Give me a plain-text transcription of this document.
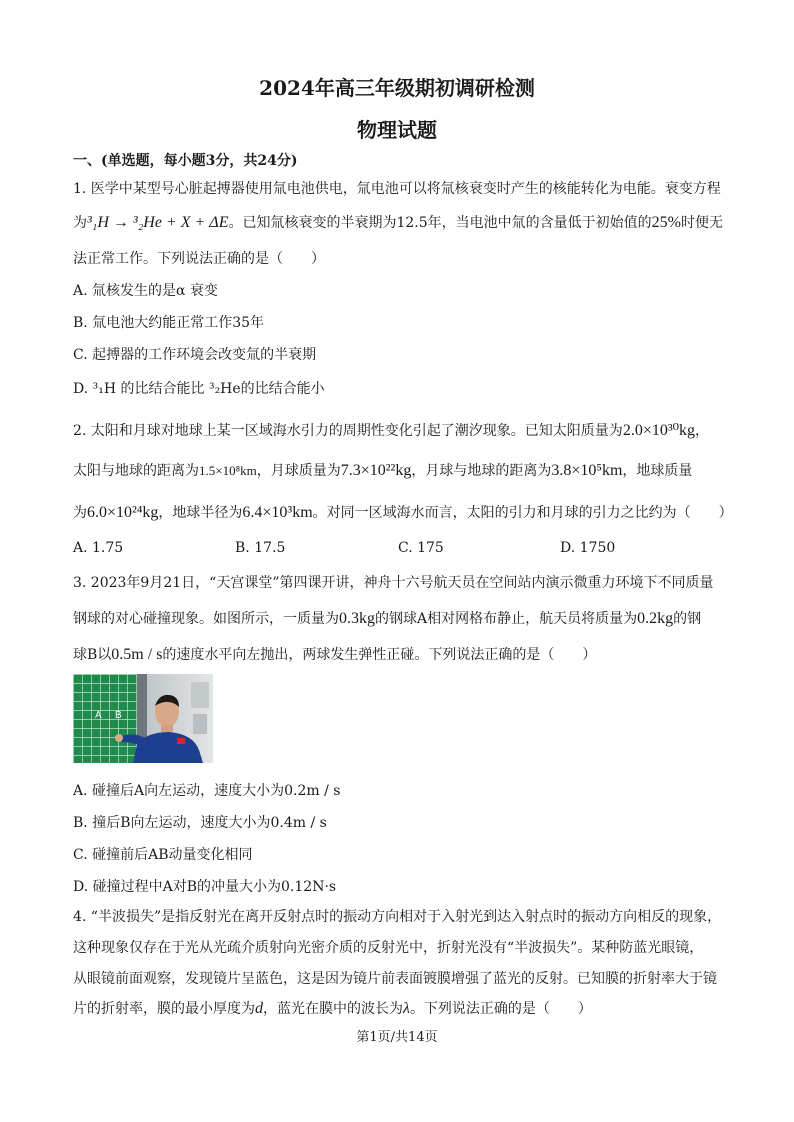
2024年高三年级期初调研检测
物理试题
一、(单选题，每小题3分，共24分)
1. 医学中某型号心脏起搏器使用氚电池供电，氚电池可以将氚核衰变时产生的核能转化为电能。衰变方程
为³₁H → ³₂He + X + ΔE。已知氚核衰变的半衰期为12.5年，当电池中氚的含量低于初始值的25%时便无
法正常工作。下列说法正确的是（　　）
A. 氚核发生的是α 衰变
B. 氚电池大约能正常工作35年
C. 起搏器的工作环境会改变氚的半衰期
D. ³₁H 的比结合能比 ³₂He的比结合能小
2. 太阳和月球对地球上某一区域海水引力的周期性变化引起了潮汐现象。已知太阳质量为2.0×10³⁰kg，
太阳与地球的距离为1.5×10⁸km，月球质量为7.3×10²²kg，月球与地球的距离为3.8×10⁵km，地球质量
为6.0×10²⁴kg，地球半径为6.4×10³km。对同一区域海水而言，太阳的引力和月球的引力之比约为（　　）
A. 1.75	B. 17.5	C. 175	D. 1750
3. 2023年9月21日，“天宫课堂”第四课开讲，神舟十六号航天员在空间站内演示微重力环境下不同质量
钢球的对心碰撞现象。如图所示，一质量为0.3kg的钢球A相对网格布静止，航天员将质量为0.2kg的钢
球B以0.5m / s的速度水平向左抛出，两球发生弹性正碰。下列说法正确的是（　　）
A B
A. 碰撞后A向左运动，速度大小为0.2m / s
B. 撞后B向左运动，速度大小为0.4m / s
C. 碰撞前后AB动量变化相同
D. 碰撞过程中A对B的冲量大小为0.12N·s
4. “半波损失”是指反射光在离开反射点时的振动方向相对于入射光到达入射点时的振动方向相反的现象，
这种现象仅存在于光从光疏介质射向光密介质的反射光中，折射光没有“半波损失”。某种防蓝光眼镜，
从眼镜前面观察，发现镜片呈蓝色，这是因为镜片前表面镀膜增强了蓝光的反射。已知膜的折射率大于镜
片的折射率，膜的最小厚度为d，蓝光在膜中的波长为λ。下列说法正确的是（　　）
第1页/共14页
